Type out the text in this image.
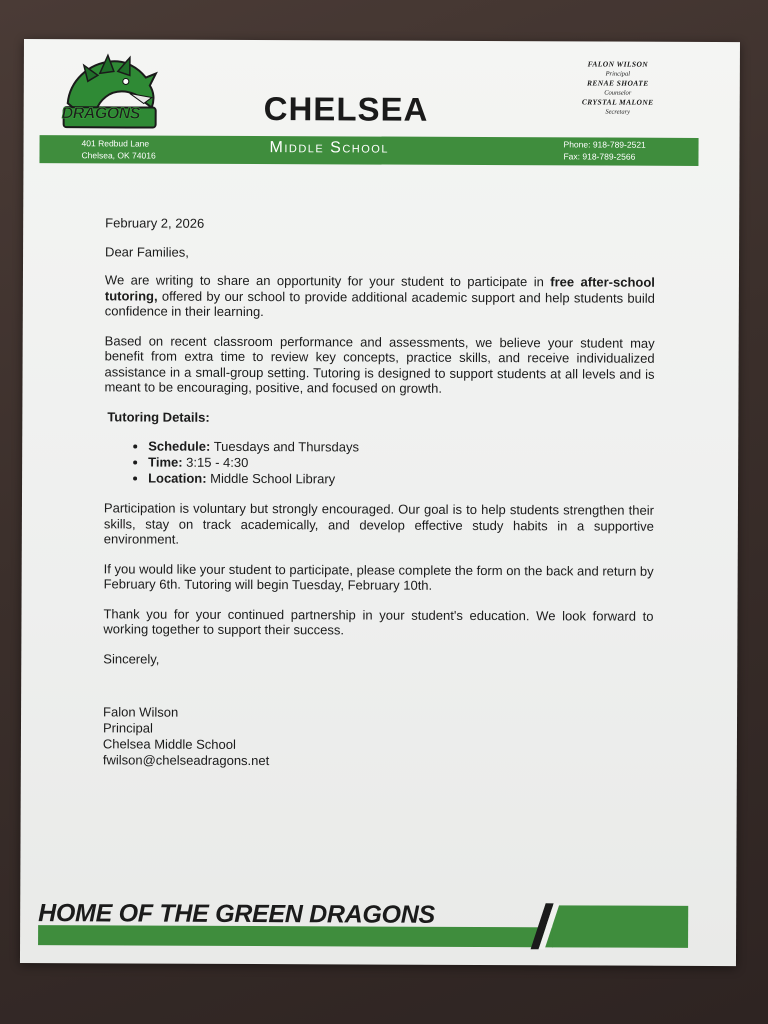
DRAGONS	CHELSEA
FALON WILSON
Principal
RENAE SHOATE
Counselor
CRYSTAL MALONE
Secretary
401 Redbud Lane
Chelsea, OK 74016	Middle School	Phone: 918-789-2521
Fax: 918-789-2566

February 2, 2026

Dear Families,

We are writing to share an opportunity for your student to participate in free after-school tutoring, offered by our school to provide additional academic support and help students build confidence in their learning.

Based on recent classroom performance and assessments, we believe your student may benefit from extra time to review key concepts, practice skills, and receive individualized assistance in a small-group setting. Tutoring is designed to support students at all levels and is meant to be encouraging, positive, and focused on growth.

Tutoring Details:
• Schedule: Tuesdays and Thursdays
• Time: 3:15 - 4:30
• Location: Middle School Library

Participation is voluntary but strongly encouraged. Our goal is to help students strengthen their skills, stay on track academically, and develop effective study habits in a supportive environment.

If you would like your student to participate, please complete the form on the back and return by February 6th. Tutoring will begin Tuesday, February 10th.

Thank you for your continued partnership in your student's education. We look forward to working together to support their success.

Sincerely,

Falon Wilson
Principal
Chelsea Middle School
fwilson@chelseadragons.net
HOME OF THE GREEN DRAGONS
